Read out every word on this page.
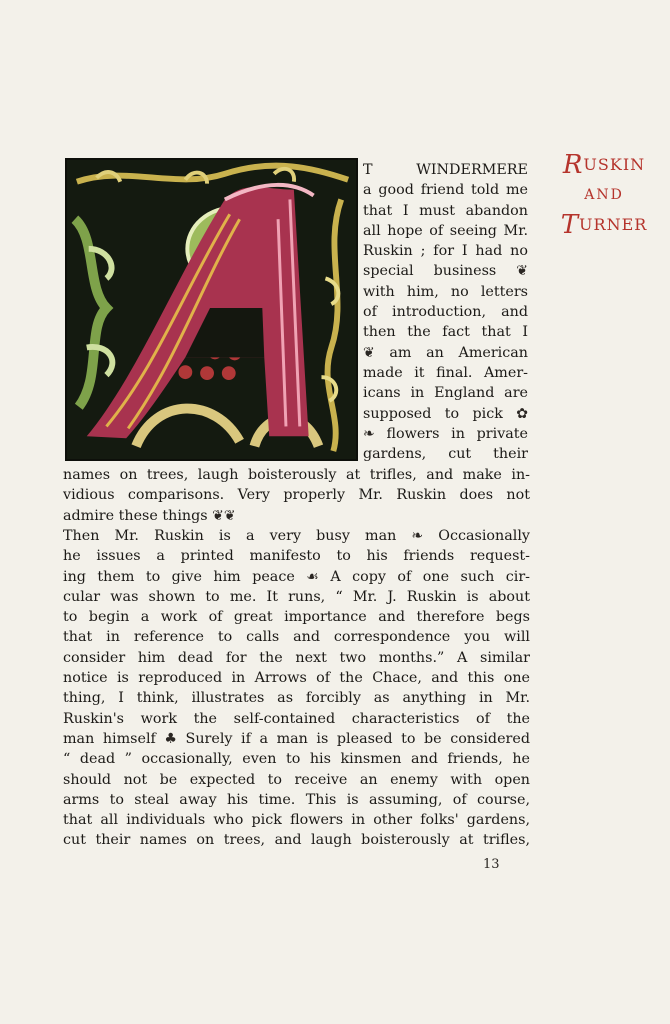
RUSKIN
AND
TURNER
T WINDERMERE
a good friend told me
that I must abandon
all hope of seeing Mr.
Ruskin ; for I had no
special business ❦
with him, no letters
of introduction, and
then the fact that I
❦ am an American
made it final. Amer-
icans in England are
supposed to pick ✿
❧ flowers in private
gardens, cut their
names on trees, laugh boisterously at trifles, and make in-
vidious comparisons. Very properly Mr. Ruskin does not
admire these things ❦❦
Then Mr. Ruskin is a very busy man ❧ Occasionally
he issues a printed manifesto to his friends request-
ing them to give him peace ☙ A copy of one such cir-
cular was shown to me. It runs, “ Mr. J. Ruskin is about
to begin a work of great importance and therefore begs
that in reference to calls and correspondence you will
consider him dead for the next two months.” A similar
notice is reproduced in Arrows of the Chace, and this one
thing, I think, illustrates as forcibly as anything in Mr.
Ruskin's work the self-contained characteristics of the
man himself ♣ Surely if a man is pleased to be considered
“ dead ” occasionally, even to his kinsmen and friends, he
should not be expected to receive an enemy with open
arms to steal away his time. This is assuming, of course,
that all individuals who pick flowers in other folks' gardens,
cut their names on trees, and laugh boisterously at trifles,
13
